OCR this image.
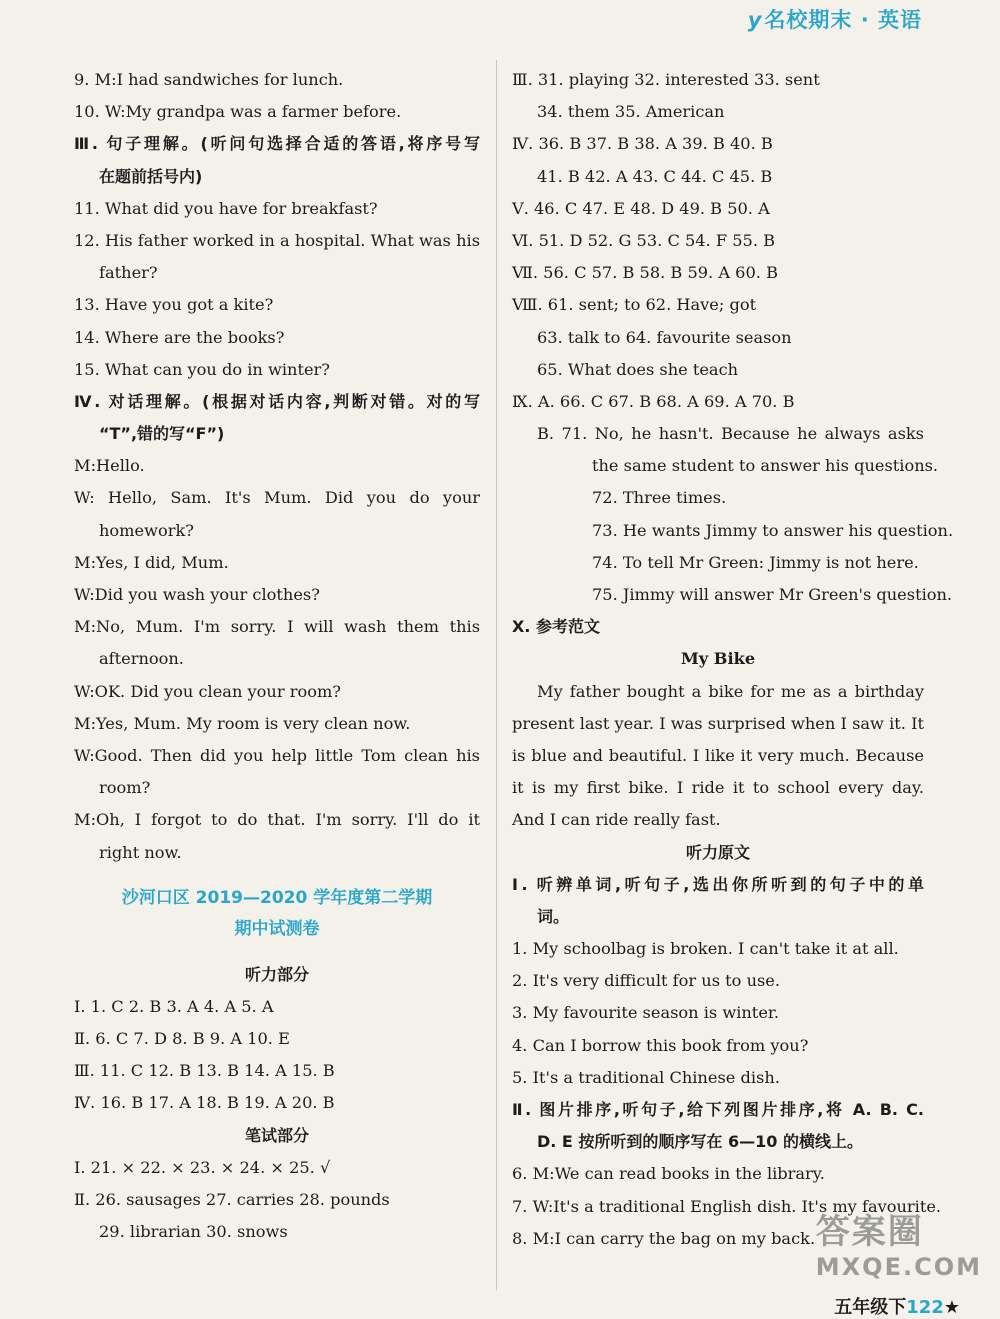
y名校期末 · 英语
9. M:I had sandwiches for lunch.
10. W:My grandpa was a farmer before.
Ⅲ. 句子理解。(听问句选择合适的答语,将序号写
在题前括号内)
11. What did you have for breakfast?
12. His father worked in a hospital. What was his
father?
13. Have you got a kite?
14. Where are the books?
15. What can you do in winter?
Ⅳ. 对话理解。(根据对话内容,判断对错。对的写
“T”,错的写“F”)
M:Hello.
W: Hello, Sam. It's Mum. Did you do your
homework?
M:Yes, I did, Mum.
W:Did you wash your clothes?
M:No, Mum. I'm sorry. I will wash them this
afternoon.
W:OK. Did you clean your room?
M:Yes, Mum. My room is very clean now.
W:Good. Then did you help little Tom clean his
room?
M:Oh, I forgot to do that. I'm sorry. I'll do it
right now.
沙河口区 2019—2020 学年度第二学期
期中试测卷
听力部分
Ⅰ. 1. C 2. B 3. A 4. A 5. A
Ⅱ. 6. C 7. D 8. B 9. A 10. E
Ⅲ. 11. C 12. B 13. B 14. A 15. B
Ⅳ. 16. B 17. A 18. B 19. A 20. B
笔试部分
Ⅰ. 21. × 22. × 23. × 24. × 25. √
Ⅱ. 26. sausages 27. carries 28. pounds
29. librarian 30. snows
Ⅲ. 31. playing 32. interested 33. sent
34. them 35. American
Ⅳ. 36. B 37. B 38. A 39. B 40. B
41. B 42. A 43. C 44. C 45. B
Ⅴ. 46. C 47. E 48. D 49. B 50. A
Ⅵ. 51. D 52. G 53. C 54. F 55. B
Ⅶ. 56. C 57. B 58. B 59. A 60. B
Ⅷ. 61. sent; to 62. Have; got
63. talk to 64. favourite season
65. What does she teach
Ⅸ. A. 66. C 67. B 68. A 69. A 70. B
B. 71. No, he hasn't. Because he always asks
the same student to answer his questions.
72. Three times.
73. He wants Jimmy to answer his question.
74. To tell Mr Green: Jimmy is not here.
75. Jimmy will answer Mr Green's question.
Ⅹ. 参考范文
My Bike
My father bought a bike for me as a birthday
present last year. I was surprised when I saw it. It
is blue and beautiful. I like it very much. Because
it is my first bike. I ride it to school every day.
And I can ride really fast.
听力原文
Ⅰ. 听辨单词,听句子,选出你所听到的句子中的单
词。
1. My schoolbag is broken. I can't take it at all.
2. It's very difficult for us to use.
3. My favourite season is winter.
4. Can I borrow this book from you?
5. It's a traditional Chinese dish.
Ⅱ. 图片排序,听句子,给下列图片排序,将 A. B. C.
D. E 按所听到的顺序写在 6—10 的横线上。
6. M:We can read books in the library.
7. W:It's a traditional English dish. It's my favourite.
8. M:I can carry the bag on my back. 答案圈
MXQE.COM
五年级下122★
